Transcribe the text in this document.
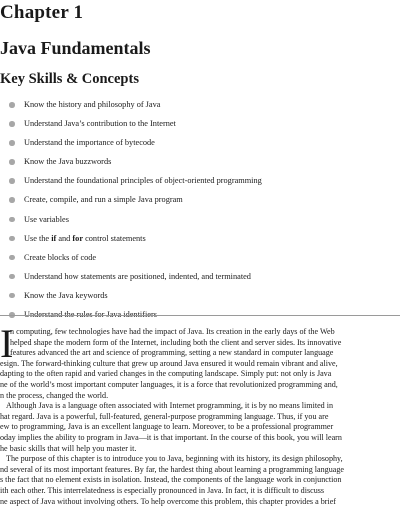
Chapter 1
Java Fundamentals
Key Skills & Concepts
Know the history and philosophy of Java
Understand Java’s contribution to the Internet
Understand the importance of bytecode
Know the Java buzzwords
Understand the foundational principles of object-oriented programming
Create, compile, and run a simple Java program
Use variables
Use the if and for control statements
Create blocks of code
Understand how statements are positioned, indented, and terminated
Know the Java keywords
I
n computing, few technologies have had the impact of Java. Its creation in the early days of the Web
helped shape the modern form of the Internet, including both the client and server sides. Its innovative
features advanced the art and science of programming, setting a new standard in computer language
esign. The forward-thinking culture that grew up around Java ensured it would remain vibrant and alive,
dapting to the often rapid and varied changes in the computing landscape. Simply put: not only is Java
ne of the world’s most important computer languages, it is a force that revolutionized programming and,
n the process, changed the world.
Although Java is a language often associated with Internet programming, it is by no means limited in
hat regard. Java is a powerful, full-featured, general-purpose programming language. Thus, if you are
ew to programming, Java is an excellent language to learn. Moreover, to be a professional programmer
oday implies the ability to program in Java—it is that important. In the course of this book, you will learn
he basic skills that will help you master it.
The purpose of this chapter is to introduce you to Java, beginning with its history, its design philosophy,
nd several of its most important features. By far, the hardest thing about learning a programming language
s the fact that no element exists in isolation. Instead, the components of the language work in conjunction
ith each other. This interrelatedness is especially pronounced in Java. In fact, it is difficult to discuss
ne aspect of Java without involving others. To help overcome this problem, this chapter provides a brief
